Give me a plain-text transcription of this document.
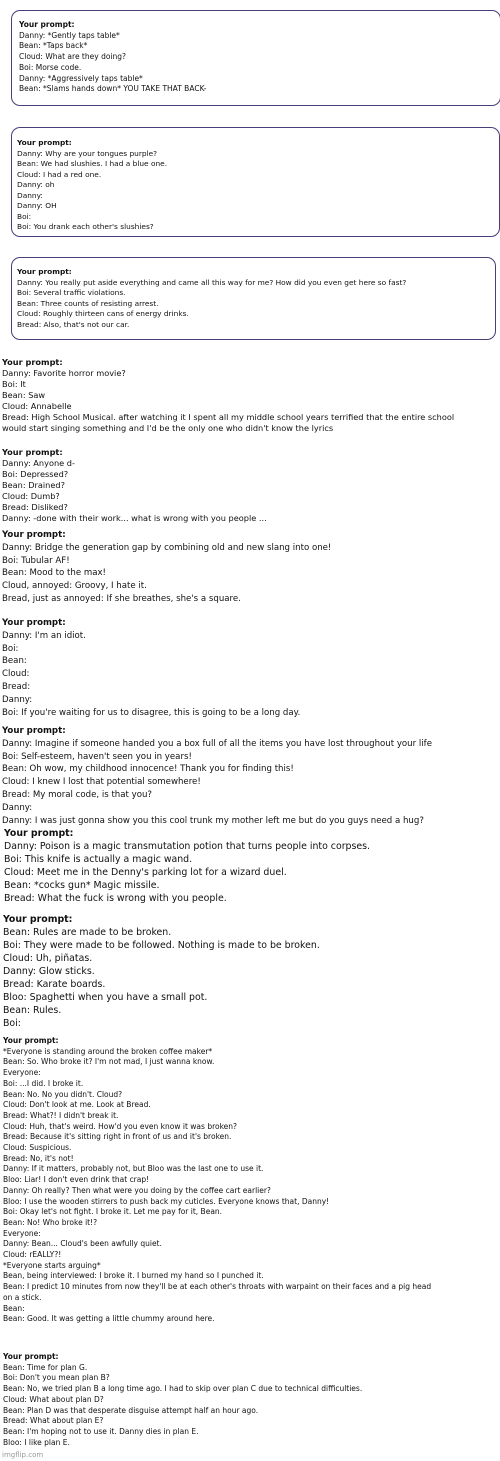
Your prompt:
Danny: *Gently taps table*
Bean: *Taps back*
Cloud: What are they doing?
Boi: Morse code.
Danny: *Aggressively taps table*
Bean: *Slams hands down* YOU TAKE THAT BACK-
Your prompt:
Danny: Why are your tongues purple?
Bean: We had slushies. I had a blue one.
Cloud: I had a red one.
Danny: oh
Danny:
Danny: OH
Boi:
Boi: You drank each other's slushies?
Your prompt:
Danny: You really put aside everything and came all this way for me? How did you even get here so fast?
Boi: Several traffic violations.
Bean: Three counts of resisting arrest.
Cloud: Roughly thirteen cans of energy drinks.
Bread: Also, that's not our car.
Your prompt:
Danny: Favorite horror movie?
Boi: It
Bean: Saw
Cloud: Annabelle
Bread: High School Musical. after watching it I spent all my middle school years terrified that the entire school
would start singing something and I'd be the only one who didn't know the lyrics
Your prompt:
Danny: Anyone d-
Boi: Depressed?
Bean: Drained?
Cloud: Dumb?
Bread: Disliked?
Danny: -done with their work... what is wrong with you people ...
Your prompt:
Danny: Bridge the generation gap by combining old and new slang into one!
Boi: Tubular AF!
Bean: Mood to the max!
Cloud, annoyed: Groovy, I hate it.
Bread, just as annoyed: If she breathes, she's a square.
Your prompt:
Danny: I'm an idiot.
Boi:
Bean:
Cloud:
Bread:
Danny:
Boi: If you're waiting for us to disagree, this is going to be a long day.
Your prompt:
Danny: Imagine if someone handed you a box full of all the items you have lost throughout your life
Boi: Self-esteem, haven't seen you in years!
Bean: Oh wow, my childhood innocence! Thank you for finding this!
Cloud: I knew I lost that potential somewhere!
Bread: My moral code, is that you?
Danny:
Danny: I was just gonna show you this cool trunk my mother left me but do you guys need a hug?
Your prompt:
Danny: Poison is a magic transmutation potion that turns people into corpses.
Boi: This knife is actually a magic wand.
Cloud: Meet me in the Denny's parking lot for a wizard duel.
Bean: *cocks gun* Magic missile.
Bread: What the fuck is wrong with you people.
Your prompt:
Bean: Rules are made to be broken.
Boi: They were made to be followed. Nothing is made to be broken.
Cloud: Uh, piñatas.
Danny: Glow sticks.
Bread: Karate boards.
Bloo: Spaghetti when you have a small pot.
Bean: Rules.
Boi:
Your prompt:
*Everyone is standing around the broken coffee maker*
Bean: So. Who broke it? I'm not mad, I just wanna know.
Everyone:
Boi: ...I did. I broke it.
Bean: No. No you didn't. Cloud?
Cloud: Don't look at me. Look at Bread.
Bread: What?! I didn't break it.
Cloud: Huh, that's weird. How'd you even know it was broken?
Bread: Because it's sitting right in front of us and it's broken.
Cloud: Suspicious.
Bread: No, it's not!
Danny: If it matters, probably not, but Bloo was the last one to use it.
Bloo: Liar! I don't even drink that crap!
Danny: Oh really? Then what were you doing by the coffee cart earlier?
Bloo: I use the wooden stirrers to push back my cuticles. Everyone knows that, Danny!
Boi: Okay let's not fight. I broke it. Let me pay for it, Bean.
Bean: No! Who broke it!?
Everyone:
Danny: Bean... Cloud's been awfully quiet.
Cloud: rEALLY?!
*Everyone starts arguing*
Bean, being interviewed: I broke it. I burned my hand so I punched it.
Bean: I predict 10 minutes from now they'll be at each other's throats with warpaint on their faces and a pig head
on a stick.
Bean:
Bean: Good. It was getting a little chummy around here.
Your prompt:
Bean: Time for plan G.
Boi: Don't you mean plan B?
Bean: No, we tried plan B a long time ago. I had to skip over plan C due to technical difficulties.
Cloud: What about plan D?
Bean: Plan D was that desperate disguise attempt half an hour ago.
Bread: What about plan E?
Bean: I'm hoping not to use it. Danny dies in plan E.
Bloo: I like plan E.
imgflip.com
